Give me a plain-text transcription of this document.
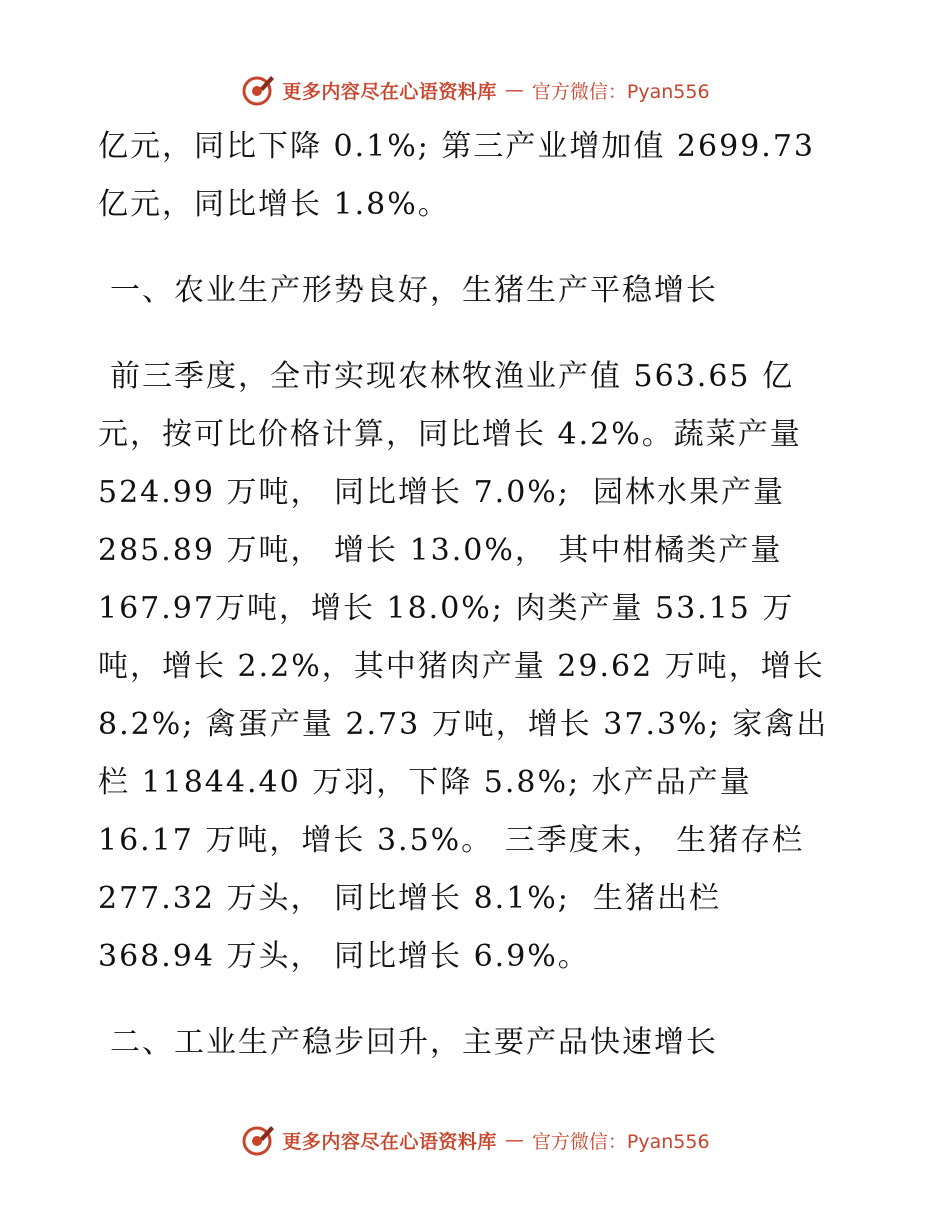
更多内容尽在心语资料库 — 官方微信：Pyan556
亿元，同比下降 0.1%; 第三产业增加值 2699.73
亿元，同比增长 1.8%。
一、农业生产形势良好，生猪生产平稳增长
前三季度，全市实现农林牧渔业产值 563.65 亿
元，按可比价格计算，同比增长 4.2%。蔬菜产量
524.99 万吨， 同比增长 7.0%;  园林水果产量
285.89 万吨， 增长 13.0%， 其中柑橘类产量
167.97万吨，增长 18.0%; 肉类产量 53.15 万
吨，增长 2.2%，其中猪肉产量 29.62 万吨，增长
8.2%; 禽蛋产量 2.73 万吨，增长 37.3%; 家禽出
栏 11844.40 万羽，下降 5.8%; 水产品产量
16.17 万吨，增长 3.5%。 三季度末， 生猪存栏
277.32 万头， 同比增长 8.1%;  生猪出栏
368.94 万头， 同比增长 6.9%。
二、工业生产稳步回升，主要产品快速增长
更多内容尽在心语资料库 — 官方微信：Pyan556
